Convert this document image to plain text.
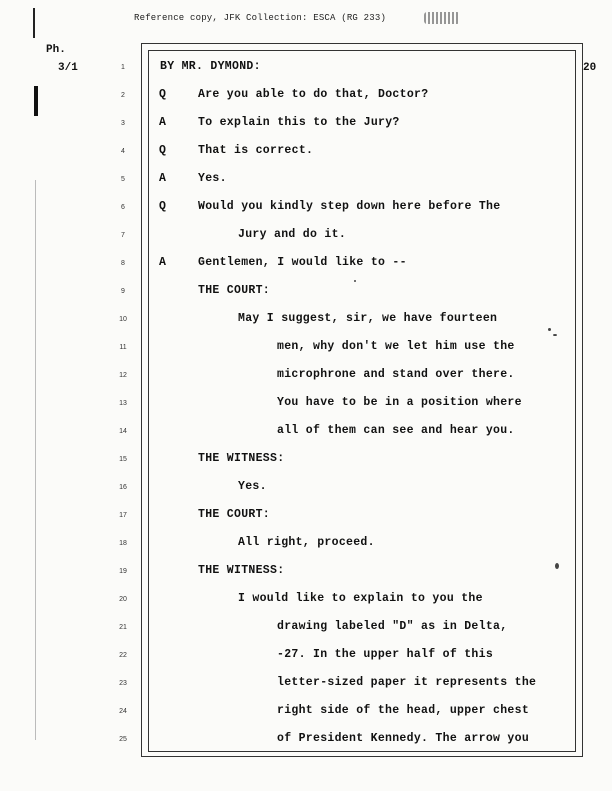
Reference copy, JFK Collection: ESCA (RG 233)
Ph.
3/1	20
1	BY MR. DYMOND:
2	Q	Are you able to do that, Doctor?
3	A	To explain this to the Jury?
4	Q	That is correct.
5	A	Yes.
6	Q	Would you kindly step down here before The
7	Jury and do it.
8	A	Gentlemen, I would like to --
9	THE COURT:
10	May I suggest, sir, we have fourteen
11	men, why don't we let him use the
12	microphrone and stand over there.
13	You have to be in a position where
14	all of them can see and hear you.
15	THE WITNESS:
16	Yes.
17	THE COURT:
18	All right, proceed.
19	THE WITNESS:
20	I would like to explain to you the
21	drawing labeled "D" as in Delta,
22	-27. In the upper half of this
23	letter-sized paper it represents the
24	right side of the head, upper chest
25	of President Kennedy. The arrow you
